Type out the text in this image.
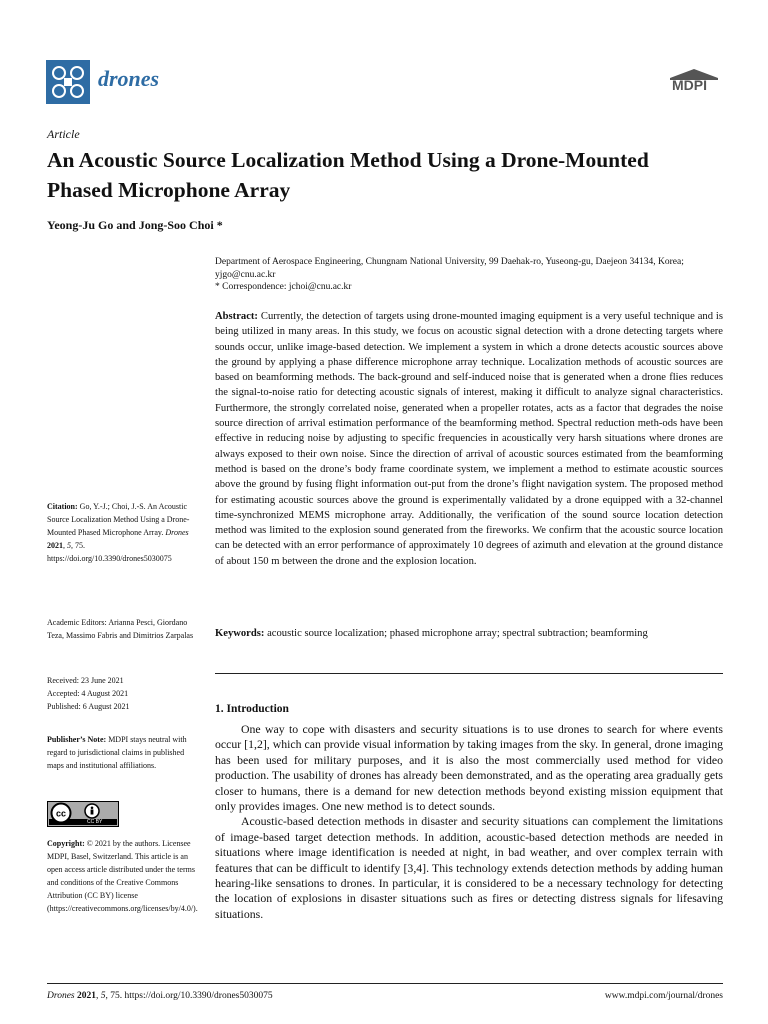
drones	MDPI
Article
An Acoustic Source Localization Method Using a Drone-Mounted Phased Microphone Array
Yeong-Ju Go and Jong-Soo Choi *
Department of Aerospace Engineering, Chungnam National University, 99 Daehak-ro, Yuseong-gu, Daejeon 34134, Korea; yjgo@cnu.ac.kr
* Correspondence: jchoi@cnu.ac.kr
Abstract: Currently, the detection of targets using drone-mounted imaging equipment is a very useful technique and is being utilized in many areas. In this study, we focus on acoustic signal detection with a drone detecting targets where sounds occur, unlike image-based detection. We implement a system in which a drone detects acoustic sources above the ground by applying a phase difference microphone array technique. Localization methods of acoustic sources are based on beamforming methods. The back-ground and self-induced noise that is generated when a drone flies reduces the signal-to-noise ratio for detecting acoustic signals of interest, making it difficult to analyze signal characteristics. Furthermore, the strongly correlated noise, generated when a propeller rotates, acts as a factor that degrades the noise source direction of arrival estimation performance of the beamforming method. Spectral reduction meth-ods have been effective in reducing noise by adjusting to specific frequencies in acoustically very harsh situations where drones are always exposed to their own noise. Since the direction of arrival of acoustic sources estimated from the beamforming method is based on the drone’s body frame coordinate system, we implement a method to estimate acoustic sources above the ground by fusing flight information out-put from the drone’s flight navigation system. The proposed method for estimating acoustic sources above the ground is experimentally validated by a drone equipped with a 32-channel time-synchronized MEMS microphone array. Additionally, the verification of the sound source location detection method was limited to the explosion sound generated from the fireworks. We confirm that the acoustic source location can be detected with an error performance of approximately 10 degrees of azimuth and elevation at the ground distance of about 150 m between the drone and the explosion location.
Keywords: acoustic source localization; phased microphone array; spectral subtraction; beamforming
1. Introduction

One way to cope with disasters and security situations is to use drones to search for where events occur [1,2], which can provide visual information by taking images from the sky. In general, drone imaging has been used for military purposes, and it is also the most commercially used method for video production. The usability of drones has already been demonstrated, and as the operating area gradually gets closer to humans, there is a demand for new detection methods beyond existing mission equipment that only provides images. One new method is to detect sounds.

Acoustic-based detection methods in disaster and security situations can complement the limitations of image-based target detection methods. In addition, acoustic-based detection methods are needed in situations where image identification is needed at night, in bad weather, and over complex terrain with features that can be difficult to identify [3,4]. This technology extends detection methods by adding human hearing-like sensations to drones. In particular, it is considered to be a necessary technology for detecting the location of explosions in disaster situations such as fires or detecting distress signals for lifesaving situations.

Citation: Go, Y.-J.; Choi, J.-S. An Acoustic Source Localization Method Using a Drone-Mounted Phased Microphone Array. Drones 2021, 5, 75. https://doi.org/10.3390/drones5030075
Academic Editors: Arianna Pesci, Giordano Teza, Massimo Fabris and Dimitrios Zarpalas
Received: 23 June 2021
Accepted: 4 August 2021
Published: 6 August 2021
Publisher’s Note: MDPI stays neutral with regard to jurisdictional claims in published maps and institutional affiliations.
cc
CC BY
Copyright: © 2021 by the authors. Licensee MDPI, Basel, Switzerland. This article is an open access article distributed under the terms and conditions of the Creative Commons Attribution (CC BY) license (https://creativecommons.org/licenses/by/4.0/).
Drones 2021, 5, 75. https://doi.org/10.3390/drones5030075	www.mdpi.com/journal/drones
